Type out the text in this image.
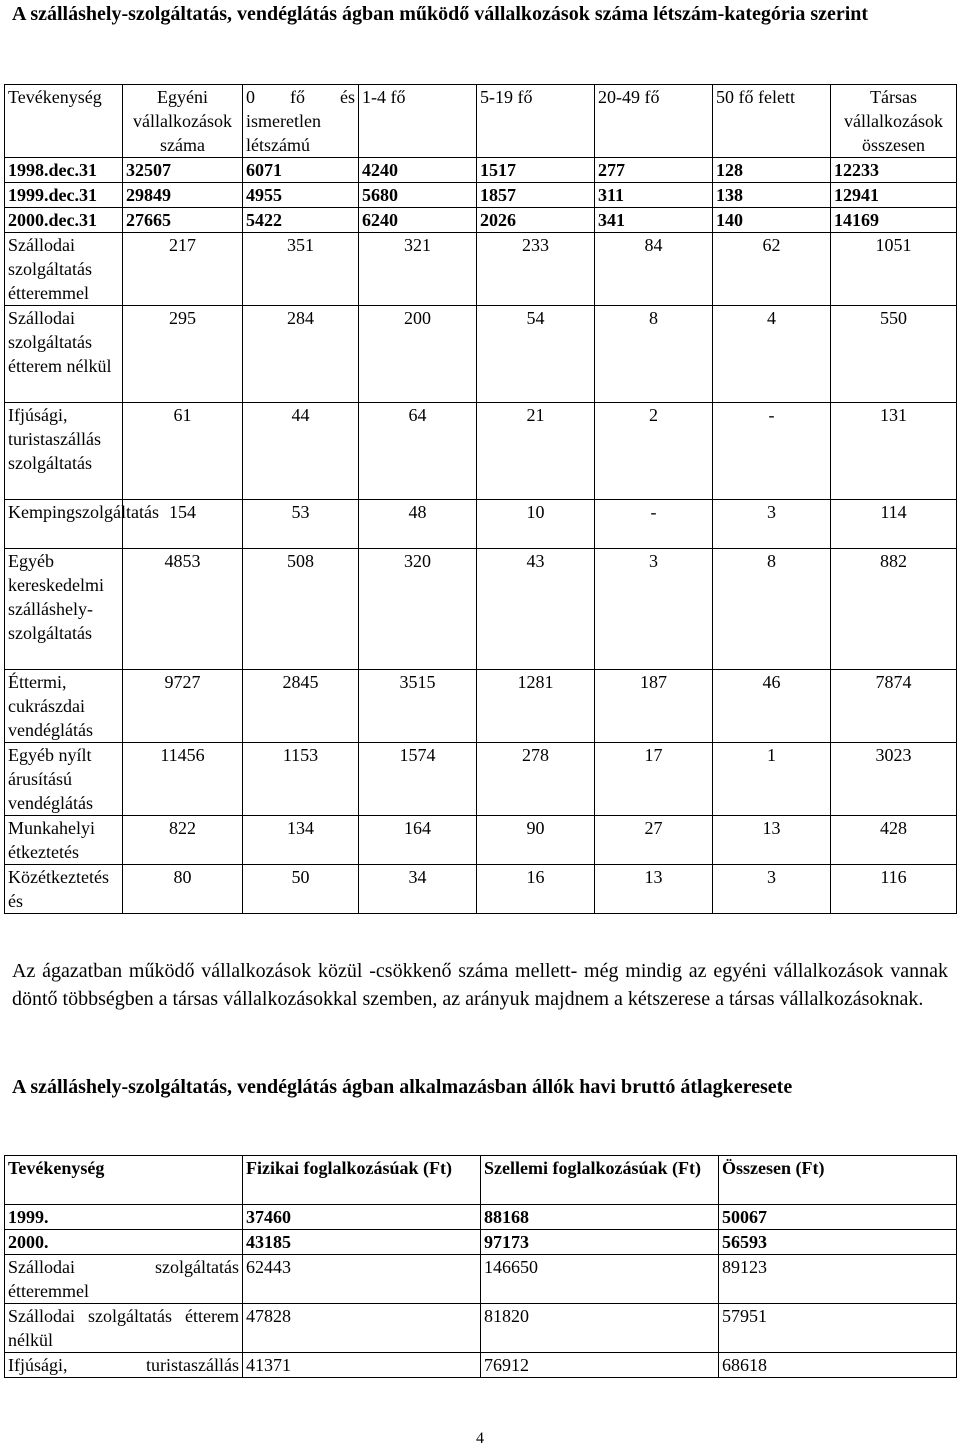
A szálláshely-szolgáltatás, vendéglátás ágban működő vállalkozások száma létszám-kategória szerint
Tevékenység	Egyéni vállalkozások száma	0 fő és ismeretlen létszámú	1-4 fő	5-19 fő	20-49 fő	50 fő felett	Társas vállalkozások összesen
1998.dec.31	32507	6071	4240	1517	277	128	12233
1999.dec.31	29849	4955	5680	1857	311	138	12941
2000.dec.31	27665	5422	6240	2026	341	140	14169
Szállodai szolgáltatás étteremmel	217	351	321	233	84	62	1051
Szállodai szolgáltatás étterem nélkül	295	284	200	54	8	4	550
Ifjúsági, turistaszállás szolgáltatás	61	44	64	21	2	-	131
Kempingszolgáltatás	154	53	48	10	-	3	114
Egyéb kereskedelmi szálláshely-szolgáltatás	4853	508	320	43	3	8	882
Éttermi, cukrászdai vendéglátás	9727	2845	3515	1281	187	46	7874
Egyéb nyílt árusítású vendéglátás	11456	1153	1574	278	17	1	3023
Munkahelyi étkeztetés	822	134	164	90	27	13	428
Közétkeztetés és	80	50	34	16	13	3	116

Az ágazatban működő vállalkozások közül -csökkenő száma mellett- még mindig az egyéni vállalkozások vannak döntő többségben a társas vállalkozásokkal szemben, az arányuk majdnem a kétszerese a társas vállalkozásoknak.

A szálláshely-szolgáltatás, vendéglátás ágban alkalmazásban állók havi bruttó átlagkeresete
Tevékenység	Fizikai foglalkozásúak (Ft)	Szellemi foglalkozásúak (Ft)	Összesen (Ft)
1999.	37460	88168	50067
2000.	43185	97173	56593
Szállodai szolgáltatás étteremmel	62443	146650	89123
Szállodai szolgáltatás étterem nélkül	47828	81820	57951
Ifjúsági, turistaszállás	41371	76912	68618
4
